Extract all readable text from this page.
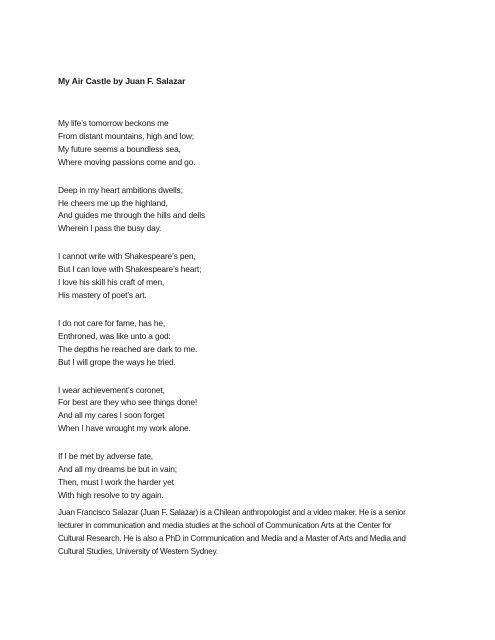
My Air Castle by Juan F. Salazar
My life’s tomorrow beckons me
From distant mountains, high and low;
My future seems a boundless sea,
Where moving passions come and go.
Deep in my heart ambitions dwells;
He cheers me up the highland,
And guides me through the hills and dells
Wherein I pass the busy day.
I cannot write with Shakespeare’s pen,
But I can love with Shakespeare’s heart;
I love his skill his craft of men,
His mastery of poet’s art.
I do not care for fame, has he,
Enthroned, was like unto a god:
The depths he reached are dark to me.
But I will grope the ways he tried.
I wear achievement’s coronet,
For best are they who see things done!
And all my cares I soon forget
When I have wrought my work alone.
If I be met by adverse fate,
And all my dreams be but in vain;
Then, must I work the harder yet
With high resolve to try again.
Juan Francisco Salazar (Juan F. Salazar) is a Chilean anthropologist and a video maker. He is a senior
lecturer in communication and media studies at the school of Communication Arts at the Center for
Cultural Research. He is also a PhD in Communication and Media and a Master of Arts and Media and
Cultural Studies, University of Western Sydney.
